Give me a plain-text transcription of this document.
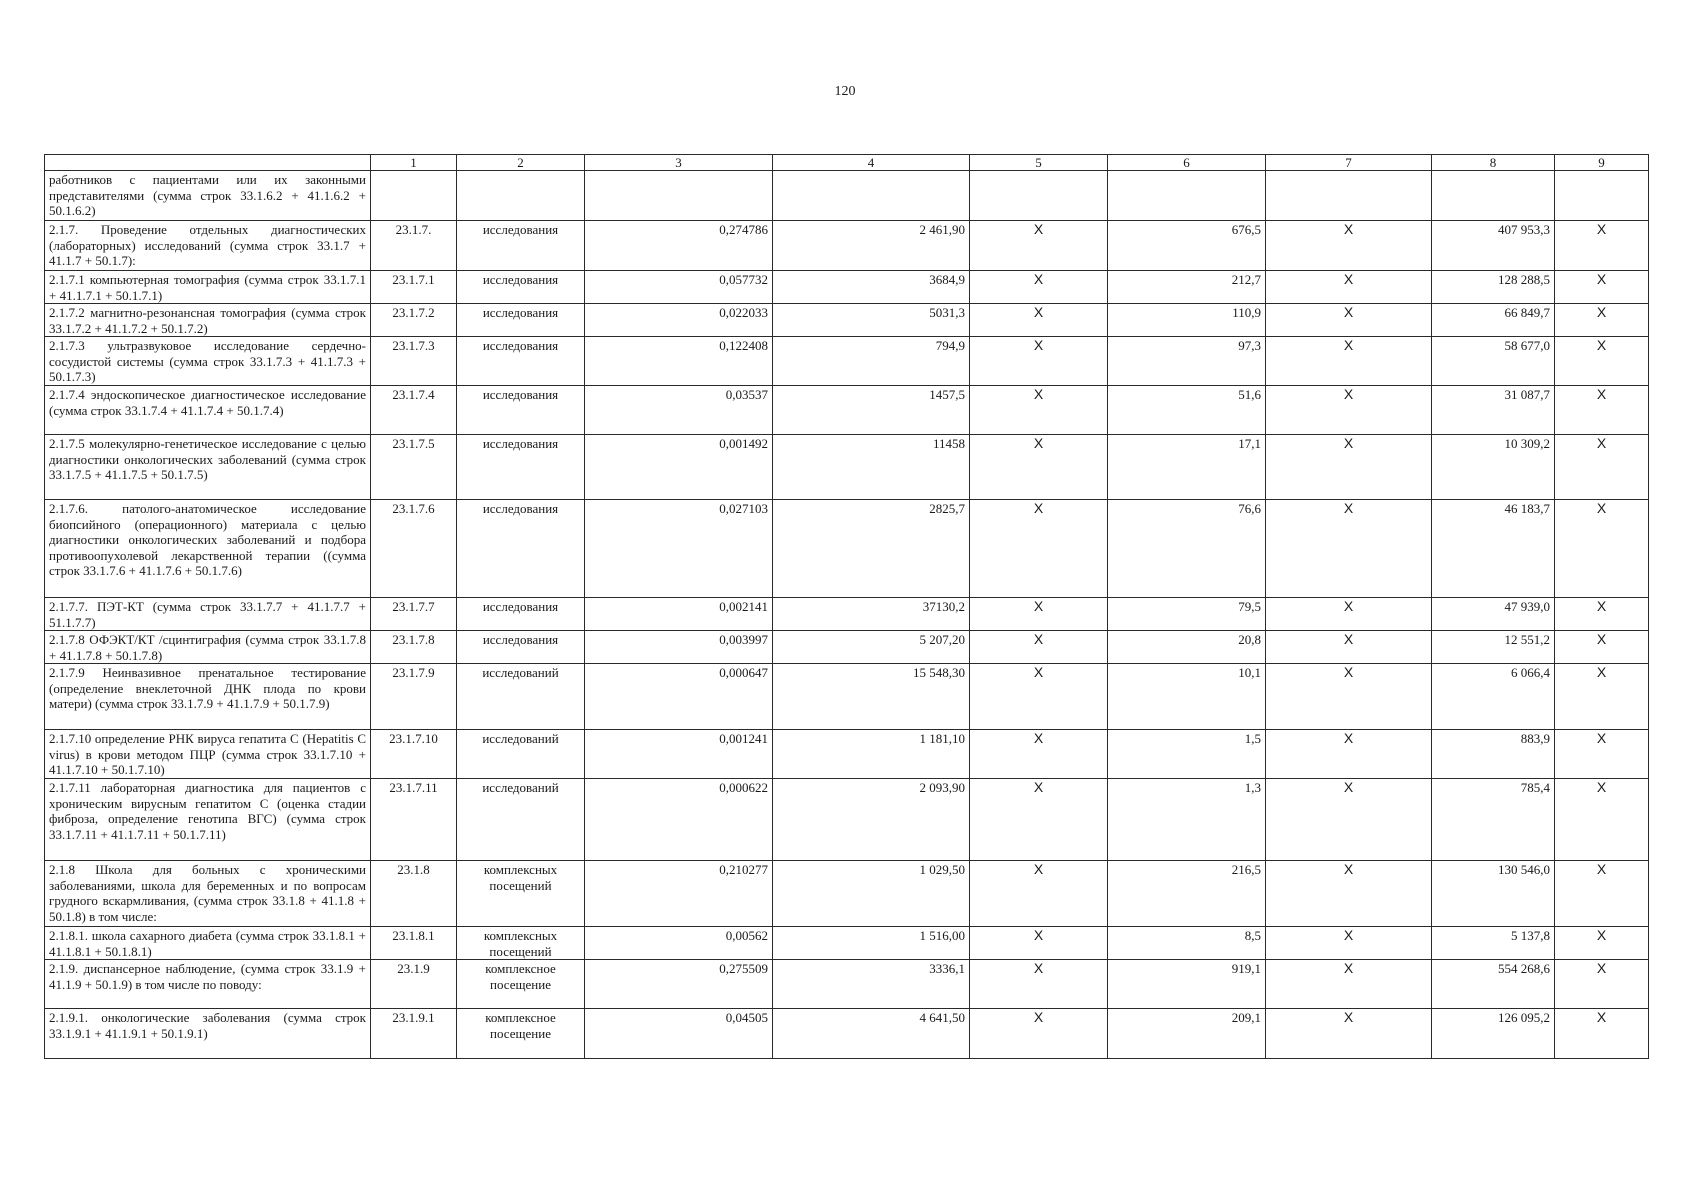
120
	1	2	3	4	5	6	7	8	9
работников с пациентами или их законными представителями (сумма строк 33.1.6.2 + 41.1.6.2 + 50.1.6.2)									
2.1.7. Проведение отдельных диагностических (лабораторных) исследований (сумма строк 33.1.7 + 41.1.7 + 50.1.7):	23.1.7.	исследования	0,274786	2 461,90	X	676,5	X	407 953,3	X
2.1.7.1 компьютерная томография (сумма строк 33.1.7.1 + 41.1.7.1 + 50.1.7.1)	23.1.7.1	исследования	0,057732	3684,9	X	212,7	X	128 288,5	X
2.1.7.2 магнитно-резонансная томография (сумма строк 33.1.7.2 + 41.1.7.2 + 50.1.7.2)	23.1.7.2	исследования	0,022033	5031,3	X	110,9	X	66 849,7	X
2.1.7.3 ультразвуковое исследование сердечно-сосудистой системы (сумма строк 33.1.7.3 + 41.1.7.3 + 50.1.7.3)	23.1.7.3	исследования	0,122408	794,9	X	97,3	X	58 677,0	X
2.1.7.4 эндоскопическое диагностическое исследование (сумма строк 33.1.7.4 + 41.1.7.4 + 50.1.7.4)	23.1.7.4	исследования	0,03537	1457,5	X	51,6	X	31 087,7	X
2.1.7.5 молекулярно-генетическое исследование с целью диагностики онкологических заболеваний (сумма строк 33.1.7.5 + 41.1.7.5 + 50.1.7.5)	23.1.7.5	исследования	0,001492	11458	X	17,1	X	10 309,2	X
2.1.7.6. патолого-анатомическое исследование биопсийного (операционного) материала с целью диагностики онкологических заболеваний и подбора противоопухолевой лекарственной терапии ((сумма строк 33.1.7.6 + 41.1.7.6 + 50.1.7.6)	23.1.7.6	исследования	0,027103	2825,7	X	76,6	X	46 183,7	X
2.1.7.7. ПЭТ-КТ (сумма строк 33.1.7.7 + 41.1.7.7 + 51.1.7.7)	23.1.7.7	исследования	0,002141	37130,2	X	79,5	X	47 939,0	X
2.1.7.8 ОФЭКТ/КТ /сцинтиграфия (сумма строк 33.1.7.8 + 41.1.7.8 + 50.1.7.8)	23.1.7.8	исследования	0,003997	5 207,20	X	20,8	X	12 551,2	X
2.1.7.9 Неинвазивное пренатальное тестирование (определение внеклеточной ДНК плода по крови матери) (сумма строк 33.1.7.9 + 41.1.7.9 + 50.1.7.9)	23.1.7.9	исследований	0,000647	15 548,30	X	10,1	X	6 066,4	X
2.1.7.10 определение РНК вируса гепатита С (Hepatitis C virus) в крови методом ПЦР (сумма строк 33.1.7.10 + 41.1.7.10 + 50.1.7.10)	23.1.7.10	исследований	0,001241	1 181,10	X	1,5	X	883,9	X
2.1.7.11 лабораторная диагностика для пациентов с хроническим вирусным гепатитом С (оценка стадии фиброза, определение генотипа ВГС) (сумма строк 33.1.7.11 + 41.1.7.11 + 50.1.7.11)	23.1.7.11	исследований	0,000622	2 093,90	X	1,3	X	785,4	X
2.1.8 Школа для больных с хроническими заболеваниями, школа для беременных и по вопросам грудного вскармливания, (сумма строк 33.1.8 + 41.1.8 + 50.1.8) в том числе:	23.1.8	комплексных посещений	0,210277	1 029,50	X	216,5	X	130 546,0	X
2.1.8.1. школа сахарного диабета (сумма строк 33.1.8.1 + 41.1.8.1 + 50.1.8.1)	23.1.8.1	комплексных посещений	0,00562	1 516,00	X	8,5	X	5 137,8	X
2.1.9. диспансерное наблюдение, (сумма строк 33.1.9 + 41.1.9 + 50.1.9) в том числе по поводу:	23.1.9	комплексное посещение	0,275509	3336,1	X	919,1	X	554 268,6	X
2.1.9.1. онкологические заболевания (сумма строк 33.1.9.1 + 41.1.9.1 + 50.1.9.1)	23.1.9.1	комплексное посещение	0,04505	4 641,50	X	209,1	X	126 095,2	X
